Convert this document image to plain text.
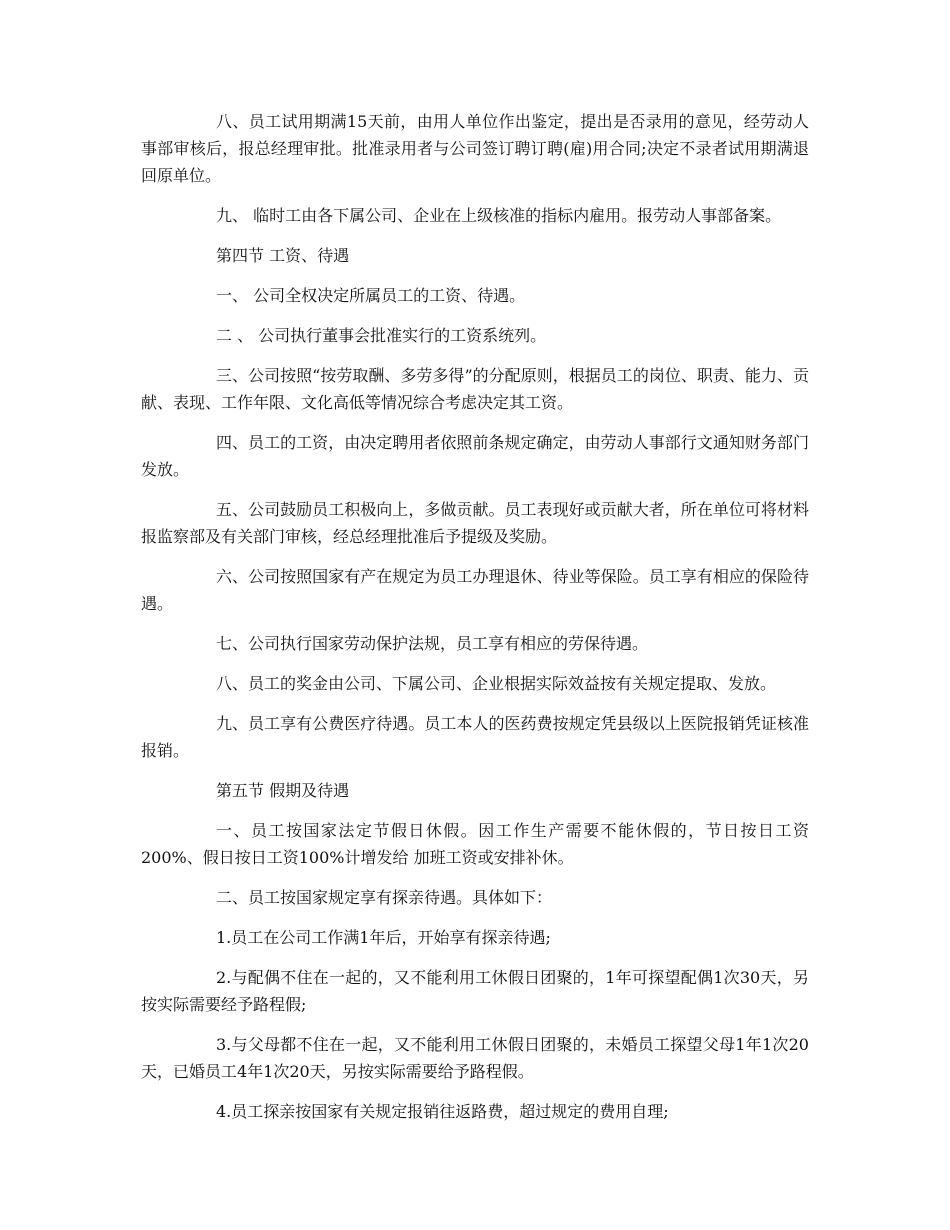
八、员工试用期满15天前，由用人单位作出鉴定，提出是否录用的意见，经劳动人事部审核后，报总经理审批。批准录用者与公司签订聘订聘(雇)用合同;决定不录者试用期满退回原单位。

九、 临时工由各下属公司、企业在上级核准的指标内雇用。报劳动人事部备案。

第四节 工资、待遇

一、 公司全权决定所属员工的工资、待遇。

二 、 公司执行董事会批准实行的工资系统列。

三、公司按照“按劳取酬、多劳多得”的分配原则，根据员工的岗位、职责、能力、贡献、表现、工作年限、文化高低等情况综合考虑决定其工资。

四、员工的工资，由决定聘用者依照前条规定确定，由劳动人事部行文通知财务部门发放。

五、公司鼓励员工积极向上，多做贡献。员工表现好或贡献大者，所在单位可将材料报监察部及有关部门审核，经总经理批准后予提级及奖励。

六、公司按照国家有产在规定为员工办理退休、待业等保险。员工享有相应的保险待遇。

七、公司执行国家劳动保护法规，员工享有相应的劳保待遇。

八、员工的奖金由公司、下属公司、企业根据实际效益按有关规定提取、发放。

九、员工享有公费医疗待遇。员工本人的医药费按规定凭县级以上医院报销凭证核准报销。

第五节 假期及待遇

一、员工按国家法定节假日休假。因工作生产需要不能休假的，节日按日工资200%、假日按日工资100%计增发给 加班工资或安排补休。

二、员工按国家规定享有探亲待遇。具体如下：

1.员工在公司工作满1年后，开始享有探亲待遇;

2.与配偶不住在一起的，又不能利用工休假日团聚的，1年可探望配偶1次30天，另按实际需要经予路程假;

3.与父母都不住在一起，又不能利用工休假日团聚的，未婚员工探望父母1年1次20天，已婚员工4年1次20天，另按实际需要给予路程假。

4.员工探亲按国家有关规定报销往返路费，超过规定的费用自理;
